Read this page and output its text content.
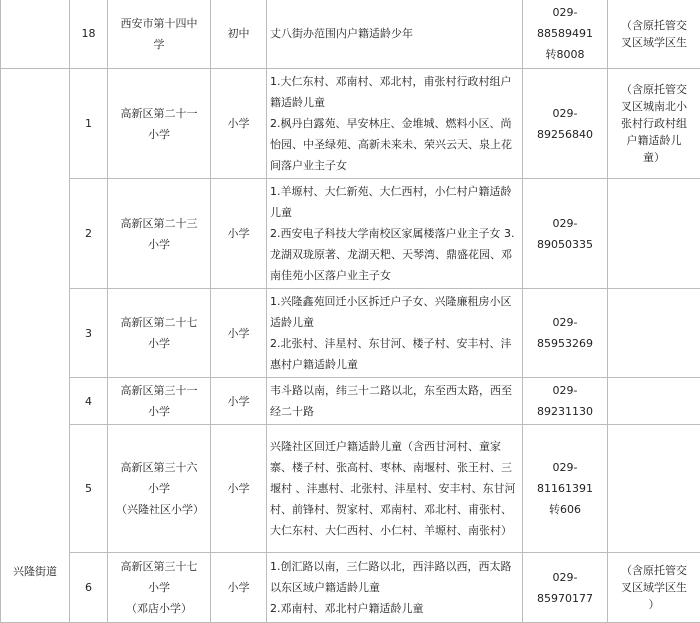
	18	西安市第十四中学	初中	丈八街办范围内户籍适龄少年	029-88589491
转8008	（含原托管交
叉区域学区生

兴隆街道	1	高新区第二十一小学	小学	1.大仁东村、邓南村、邓北村，甫张村行政村组户籍适龄儿童
2.枫丹白露苑、早安林庄、金堆城、燃料小区、尚怡园、中圣绿苑、高新未来未、荣兴云天、泉上花间落户业主子女	029-89256840	（含原托管交
叉区城南北小
张村行政村组
户籍适龄儿
童）

	2	高新区第二十三小学	小学	1.羊塬村、大仁新苑、大仁西村，小仁村户籍适龄儿童
2.西安电子科技大学南校区家属楼落户业主子女 3.龙湖双珑原著、龙湖天粑、天琴湾、鼎盛花园、邓南佳苑小区落户业主子女	029-89050335	

	3	高新区第二十七小学	小学	1.兴隆鑫苑回迁小区拆迁户子女、兴隆廉租房小区适龄儿童
2.北张村、沣星村、东甘河、楼子村、安丰村、沣惠村户籍适龄儿童	029-85953269	

	4	高新区第三十一小学	小学	韦斗路以南，纬三十二路以北，东至西太路，西至经二十路	029-89231130	

	5	高新区第三十六小学
（兴隆社区小学）	小学	兴隆社区回迁户籍适龄儿童（含西甘河村、童家寨、楼子村、张高村、枣林、南堰村、张王村、三堰村 、沣惠村、北张村、沣星村、安丰村、东甘河村、前锋村、贺家村、邓南村、邓北村、甫张村、大仁东村、大仁西村、小仁村、羊塬村、南张村）	029-81161391
转606	

	6	高新区第三十七小学
（邓店小学）	小学	1.创汇路以南，三仁路以北，西沣路以西，西太路以东区域户籍适龄儿童
2.邓南村、邓北村户籍适龄儿童	029-85970177	（含原托管交
叉区域学区生
）
